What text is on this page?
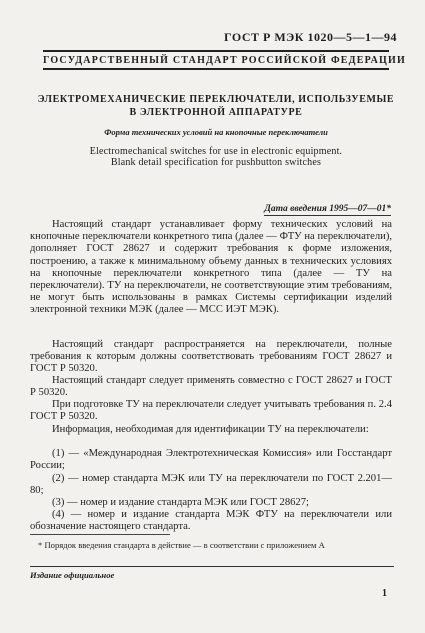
ГОСТ Р МЭК 1020—5—1—94
ГОСУДАРСТВЕННЫЙ СТАНДАРТ РОССИЙСКОЙ ФЕДЕРАЦИИ
ЭЛЕКТРОМЕХАНИЧЕСКИЕ ПЕРЕКЛЮЧАТЕЛИ, ИСПОЛЬЗУЕМЫЕ
В ЭЛЕКТРОННОЙ АППАРАТУРЕ
Форма технических условий на кнопочные переключатели
Electromechanical switches for use in electronic equipment.
Blank detail specification for pushbutton switches
Дата введения 1995—07—01*
Настоящий стандарт устанавливает форму технических условий на кнопочные переключатели конкретного типа (далее — ФТУ на переключатели), дополняет ГОСТ 28627 и содержит требования к форме изложения, построению, а также к минимальному объему данных в технических условиях на кнопочные переключатели конкретного типа (далее — ТУ на переключатели). ТУ на переключатели, не соответствующие этим требованиям, не могут быть использованы в рамках Системы сертификации изделий электронной техники МЭК (далее — МСС ИЭТ МЭК).
Настоящий стандарт распространяется на переключатели, полные требования к которым должны соответствовать требованиям ГОСТ 28627 и ГОСТ Р 50320.
Настоящий стандарт следует применять совместно с ГОСТ 28627 и ГОСТ Р 50320.
При подготовке ТУ на переключатели следует учитывать требования п. 2.4 ГОСТ Р 50320.
Информация, необходимая для идентификации ТУ на переключатели:
(1) — «Международная Электротехническая Комиссия» или Госстандарт России;
(2) — номер стандарта МЭК или ТУ на переключатели по ГОСТ 2.201—80;
(3) — номер и издание стандарта МЭК или ГОСТ 28627;
(4) — номер и издание стандарта МЭК ФТУ на переключатели или обозначение настоящего стандарта.
* Порядок введения стандарта в действие — в соответствии с приложением А
Издание официальное
1
